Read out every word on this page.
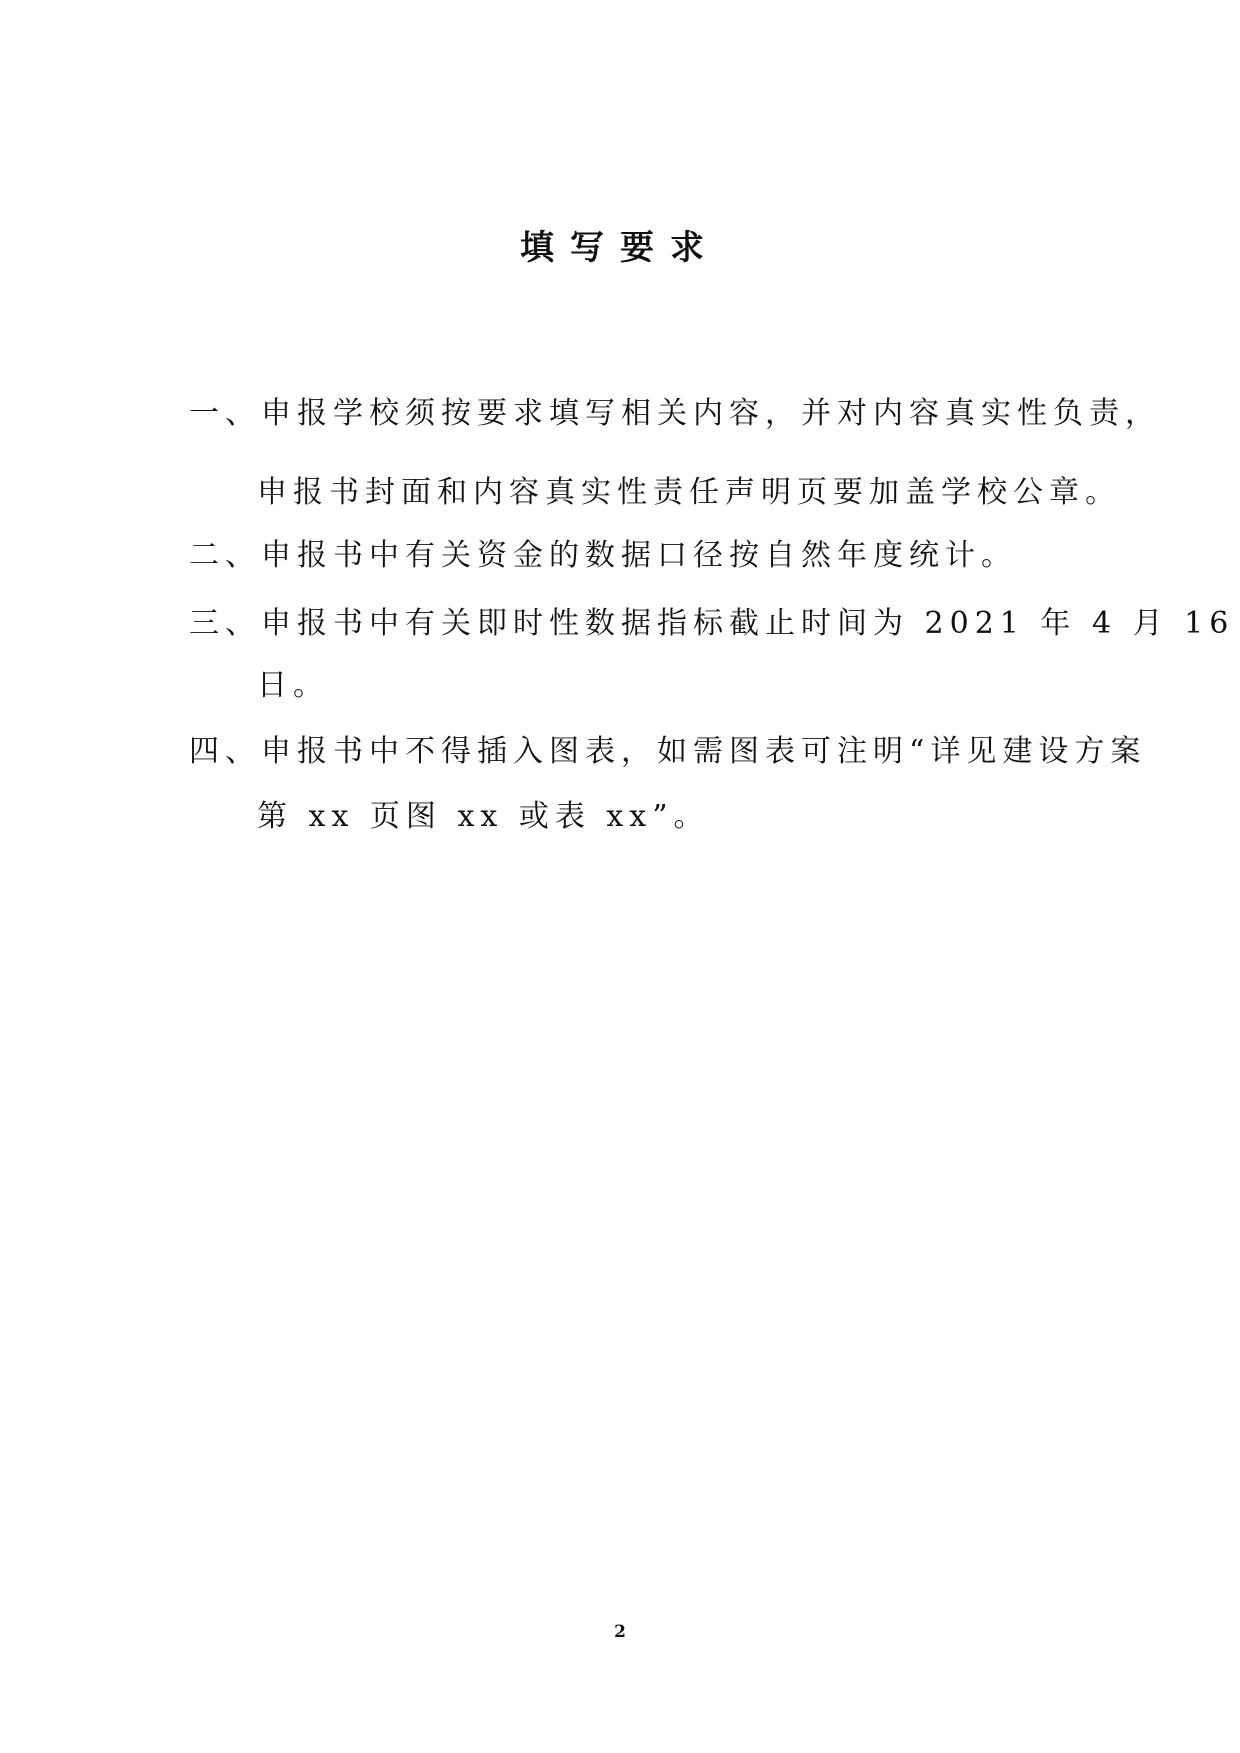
填写要求
一、申报学校须按要求填写相关内容，并对内容真实性负责，
申报书封面和内容真实性责任声明页要加盖学校公章。
二、申报书中有关资金的数据口径按自然年度统计。
三、申报书中有关即时性数据指标截止时间为 2021 年 4 月 16
日。
四、申报书中不得插入图表，如需图表可注明“详见建设方案
第 xx 页图 xx 或表 xx”。
2
